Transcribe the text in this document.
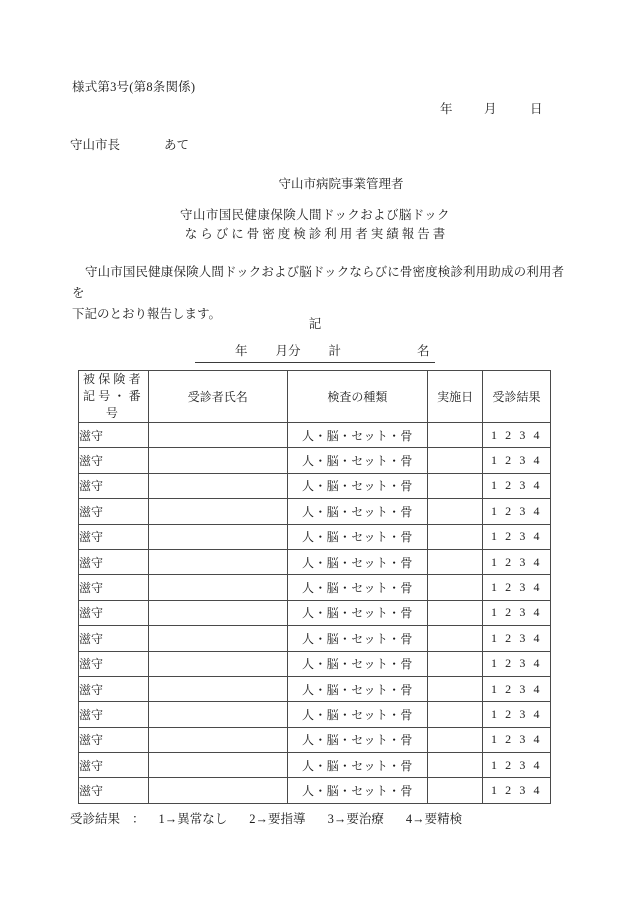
様式第3号(第8条関係)
年	月	日
守山市長	あて
守山市病院事業管理者
守山市国民健康保険人間ドックおよび脳ドック
ならびに骨密度検診利用者実績報告書
守山市国民健康保険人間ドックおよび脳ドックならびに骨密度検診利用助成の利用者を
下記のとおり報告します。
記
年 月分 計	名
被保険者
記号・番号	受診者氏名	検査の種類	実施日	受診結果
滋守		人・脳・セット・骨		1 2 3 4
滋守		人・脳・セット・骨		1 2 3 4
滋守		人・脳・セット・骨		1 2 3 4
滋守		人・脳・セット・骨		1 2 3 4
滋守		人・脳・セット・骨		1 2 3 4
滋守		人・脳・セット・骨		1 2 3 4
滋守		人・脳・セット・骨		1 2 3 4
滋守		人・脳・セット・骨		1 2 3 4
滋守		人・脳・セット・骨		1 2 3 4
滋守		人・脳・セット・骨		1 2 3 4
滋守		人・脳・セット・骨		1 2 3 4
滋守		人・脳・セット・骨		1 2 3 4
滋守		人・脳・セット・骨		1 2 3 4
滋守		人・脳・セット・骨		1 2 3 4
滋守		人・脳・セット・骨		1 2 3 4
受診結果 ： 1→異常なし 2→要指導 3→要治療 4→要精検
